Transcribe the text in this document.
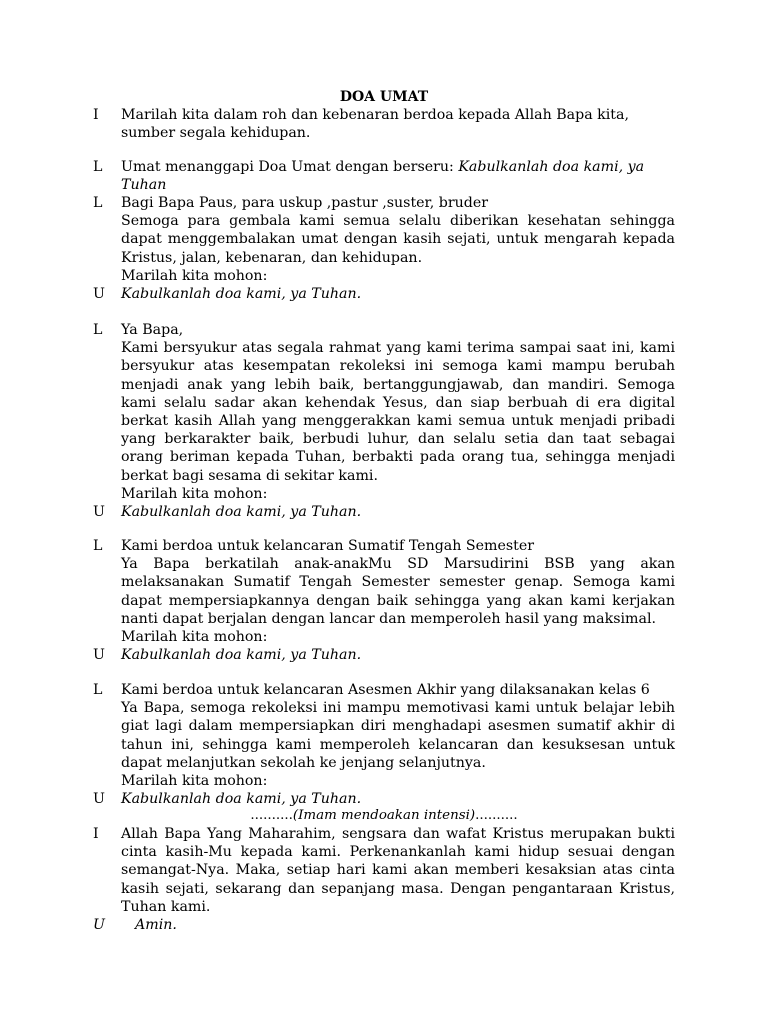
DOA UMAT
I	Marilah kita dalam roh dan kebenaran berdoa kepada Allah Bapa kita, sumber segala kehidupan.
L	Umat menanggapi Doa Umat dengan berseru: Kabulkanlah doa kami, ya Tuhan
L	Bagi Bapa Paus, para uskup ,pastur ,suster, bruder
Semoga para gembala kami semua selalu diberikan kesehatan sehingga dapat menggembalakan umat dengan kasih sejati, untuk mengarah kepada Kristus, jalan, kebenaran, dan kehidupan.
Marilah kita mohon:
U	Kabulkanlah doa kami, ya Tuhan.
L	Ya Bapa,
Kami bersyukur atas segala rahmat yang kami terima sampai saat ini, kami bersyukur atas kesempatan rekoleksi ini semoga kami mampu berubah menjadi anak yang lebih baik, bertanggungjawab, dan mandiri. Semoga kami selalu sadar akan kehendak Yesus, dan siap berbuah di era digital berkat kasih Allah yang menggerakkan kami semua untuk menjadi pribadi yang berkarakter baik, berbudi luhur, dan selalu setia dan taat sebagai orang beriman kepada Tuhan, berbakti pada orang tua, sehingga menjadi berkat bagi sesama di sekitar kami.
Marilah kita mohon:
U	Kabulkanlah doa kami, ya Tuhan.
L	Kami berdoa untuk kelancaran Sumatif Tengah Semester
Ya Bapa berkatilah anak-anakMu SD Marsudirini BSB yang akan melaksanakan Sumatif Tengah Semester semester genap. Semoga kami dapat mempersiapkannya dengan baik sehingga yang akan kami kerjakan nanti dapat berjalan dengan lancar dan memperoleh hasil yang maksimal.
Marilah kita mohon:
U	Kabulkanlah doa kami, ya Tuhan.
L	Kami berdoa untuk kelancaran Asesmen Akhir yang dilaksanakan kelas 6
Ya Bapa, semoga rekoleksi ini mampu memotivasi kami untuk belajar lebih giat lagi dalam mempersiapkan diri menghadapi asesmen sumatif akhir di tahun ini, sehingga kami memperoleh kelancaran dan kesuksesan untuk dapat melanjutkan sekolah ke jenjang selanjutnya.
Marilah kita mohon:
U	Kabulkanlah doa kami, ya Tuhan.
..........(Imam mendoakan intensi)..........
I	Allah Bapa Yang Maharahim, sengsara dan wafat Kristus merupakan bukti cinta kasih-Mu kepada kami. Perkenankanlah kami hidup sesuai dengan semangat-Nya. Maka, setiap hari kami akan memberi kesaksian atas cinta kasih sejati, sekarang dan sepanjang masa. Dengan pengantaraan Kristus, Tuhan kami.
U	Amin.
